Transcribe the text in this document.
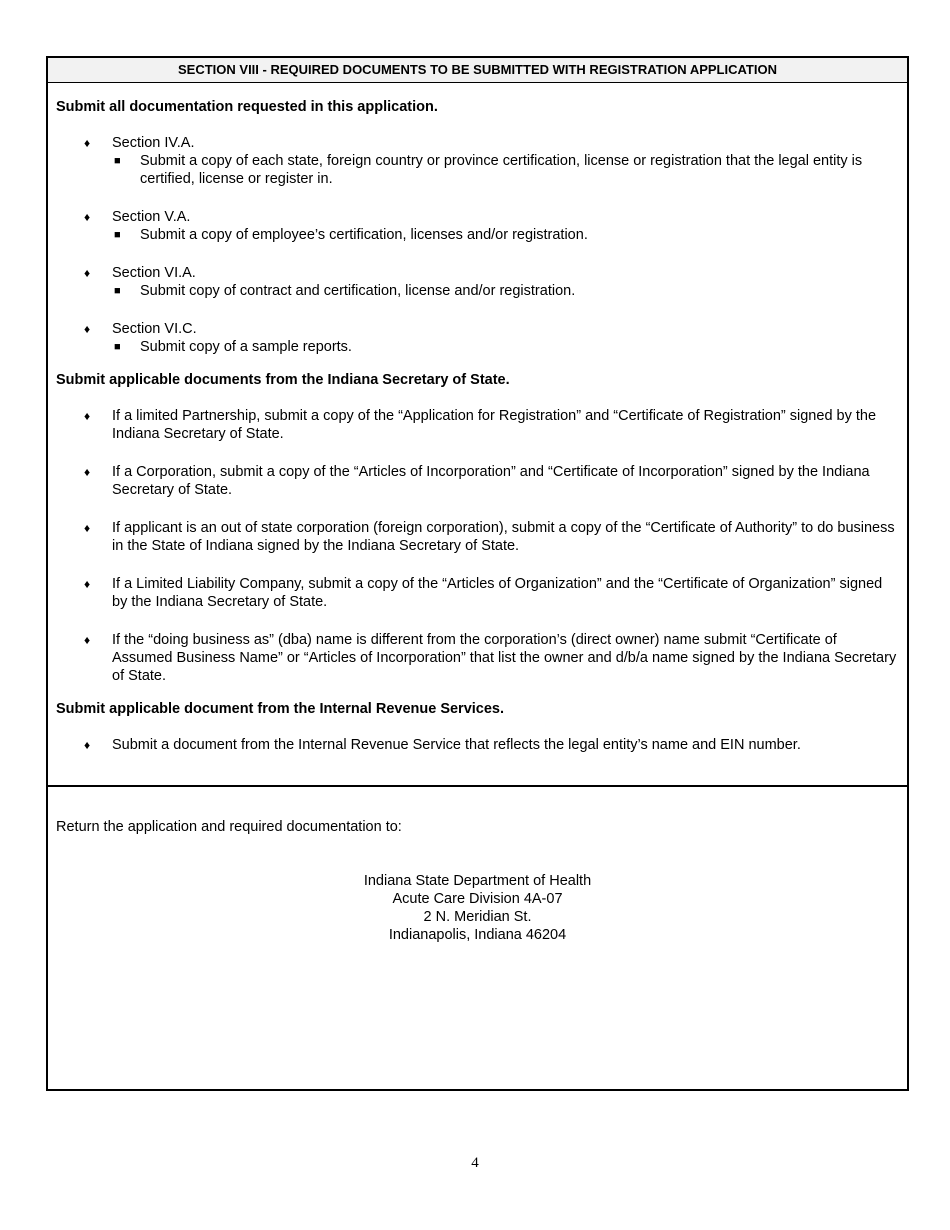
SECTION VIII - REQUIRED DOCUMENTS TO BE SUBMITTED WITH REGISTRATION APPLICATION
Submit all documentation requested in this application.
♦ Section IV.A.
■ Submit a copy of each state, foreign country or province certification, license or registration that the legal entity is certified, license or register in.
♦ Section V.A.
■ Submit a copy of employee’s certification, licenses and/or registration.
♦ Section VI.A.
■ Submit copy of contract and certification, license and/or registration.
♦ Section VI.C.
■ Submit copy of a sample reports.
Submit applicable documents from the Indiana Secretary of State.
♦ If a limited Partnership, submit a copy of the “Application for Registration” and “Certificate of Registration” signed by the Indiana Secretary of State.
♦ If a Corporation, submit a copy of the “Articles of Incorporation” and “Certificate of Incorporation” signed by the Indiana Secretary of State.
♦ If applicant is an out of state corporation (foreign corporation), submit a copy of the “Certificate of Authority” to do business in the State of Indiana signed by the Indiana Secretary of State.
♦ If a Limited Liability Company, submit a copy of the “Articles of Organization” and the “Certificate of Organization” signed by the Indiana Secretary of State.
♦ If the “doing business as” (dba) name is different from the corporation’s (direct owner) name submit “Certificate of Assumed Business Name” or “Articles of Incorporation” that list the owner and d/b/a name signed by the Indiana Secretary of State.
Submit applicable document from the Internal Revenue Services.
♦ Submit a document from the Internal Revenue Service that reflects the legal entity’s name and EIN number.
Return the application and required documentation to:
Indiana State Department of Health
Acute Care Division 4A-07
2 N. Meridian St.
Indianapolis, Indiana 46204
4
